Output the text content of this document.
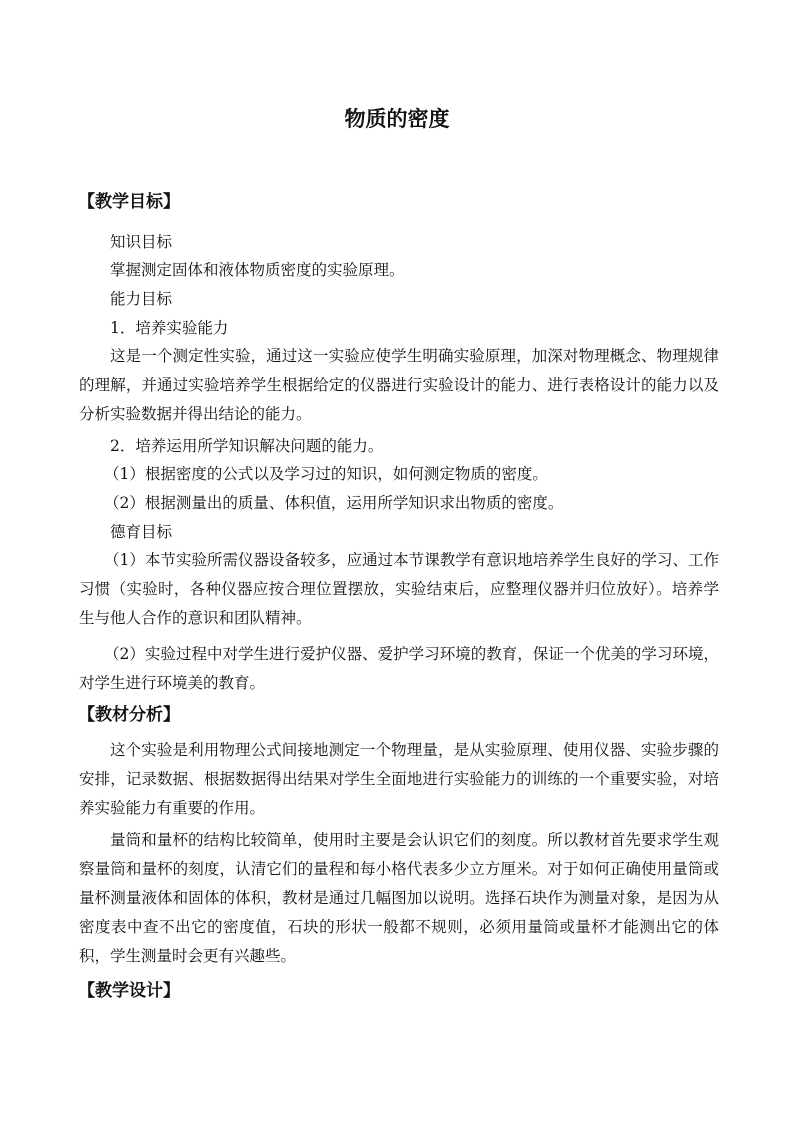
物质的密度
【教学目标】
知识目标
掌握测定固体和液体物质密度的实验原理。
能力目标
1．培养实验能力

这是一个测定性实验，通过这一实验应使学生明确实验原理，加深对物理概念、物理规律的理解，并通过实验培养学生根据给定的仪器进行实验设计的能力、进行表格设计的能力以及分析实验数据并得出结论的能力。

2．培养运用所学知识解决问题的能力。
（1）根据密度的公式以及学习过的知识，如何测定物质的密度。
（2）根据测量出的质量、体积值，运用所学知识求出物质的密度。
德育目标

（1）本节实验所需仪器设备较多，应通过本节课教学有意识地培养学生良好的学习、工作习惯（实验时，各种仪器应按合理位置摆放，实验结束后，应整理仪器并归位放好）。培养学生与他人合作的意识和团队精神。

（2）实验过程中对学生进行爱护仪器、爱护学习环境的教育，保证一个优美的学习环境，对学生进行环境美的教育。

【教材分析】

这个实验是利用物理公式间接地测定一个物理量，是从实验原理、使用仪器、实验步骤的安排，记录数据、根据数据得出结果对学生全面地进行实验能力的训练的一个重要实验，对培养实验能力有重要的作用。

量筒和量杯的结构比较简单，使用时主要是会认识它们的刻度。所以教材首先要求学生观察量筒和量杯的刻度，认清它们的量程和每小格代表多少立方厘米。对于如何正确使用量筒或量杯测量液体和固体的体积，教材是通过几幅图加以说明。选择石块作为测量对象，是因为从密度表中查不出它的密度值，石块的形状一般都不规则，必须用量筒或量杯才能测出它的体积，学生测量时会更有兴趣些。

【教学设计】
